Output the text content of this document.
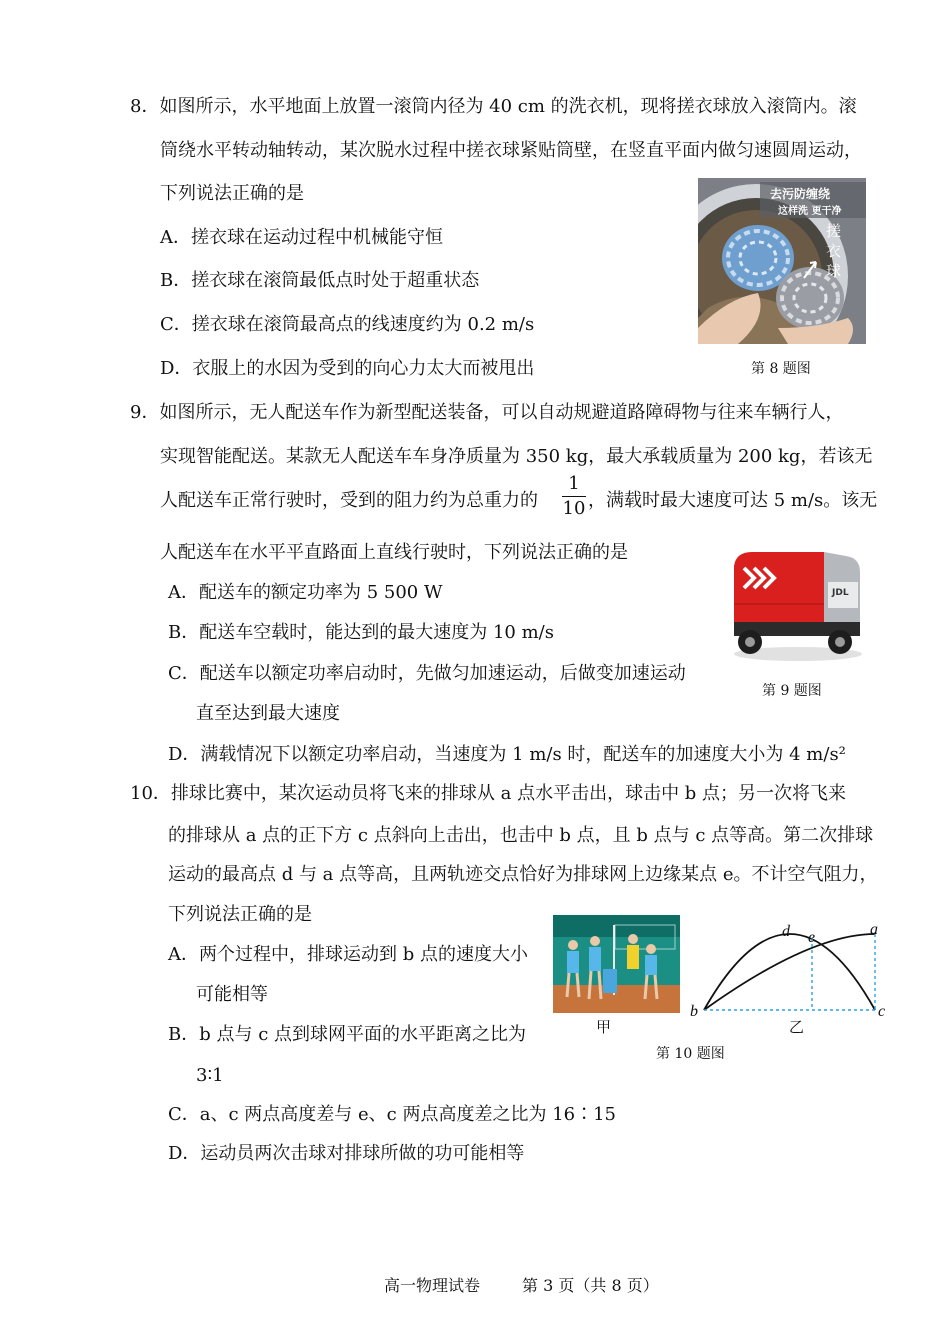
8．如图所示，水平地面上放置一滚筒内径为 40 cm 的洗衣机，现将搓衣球放入滚筒内。滚
筒绕水平转动轴转动，某次脱水过程中搓衣球紧贴筒壁，在竖直平面内做匀速圆周运动，
下列说法正确的是
A．搓衣球在运动过程中机械能守恒
B．搓衣球在滚筒最低点时处于超重状态
C．搓衣球在滚筒最高点的线速度约为 0.2 m/s
D．衣服上的水因为受到的向心力太大而被甩出
去污防缠绕
这样洗 更干净
搓
衣
球
第 8 题图
9．如图所示，无人配送车作为新型配送装备，可以自动规避道路障碍物与往来车辆行人，
实现智能配送。某款无人配送车车身净质量为 350 kg，最大承载质量为 200 kg，若该无
人配送车正常行驶时，受到的阻力约为总重力的
1
10 ，满载时最大速度可达 5 m/s。该无
人配送车在水平平直路面上直线行驶时，下列说法正确的是
A．配送车的额定功率为 5 500 W
B．配送车空载时，能达到的最大速度为 10 m/s
C．配送车以额定功率启动时，先做匀加速运动，后做变加速运动
直至达到最大速度
D．满载情况下以额定功率启动，当速度为 1 m/s 时，配送车的加速度大小为 4 m/s²
JDL
第 9 题图
10．排球比赛中，某次运动员将飞来的排球从 a 点水平击出，球击中 b 点；另一次将飞来
的排球从 a 点的正下方 c 点斜向上击出，也击中 b 点，且 b 点与 c 点等高。第二次排球
运动的最高点 d 与 a 点等高，且两轨迹交点恰好为排球网上边缘某点 e。不计空气阻力，
下列说法正确的是
A．两个过程中，排球运动到 b 点的速度大小
可能相等
B．b 点与 c 点到球网平面的水平距离之比为
3∶1
C．a、c 两点高度差与 e、c 两点高度差之比为 16∶15
D．运动员两次击球对排球所做的功可能相等
甲
d e	a
b	c
乙
第 10 题图
高一物理试卷	第 3 页（共 8 页）
